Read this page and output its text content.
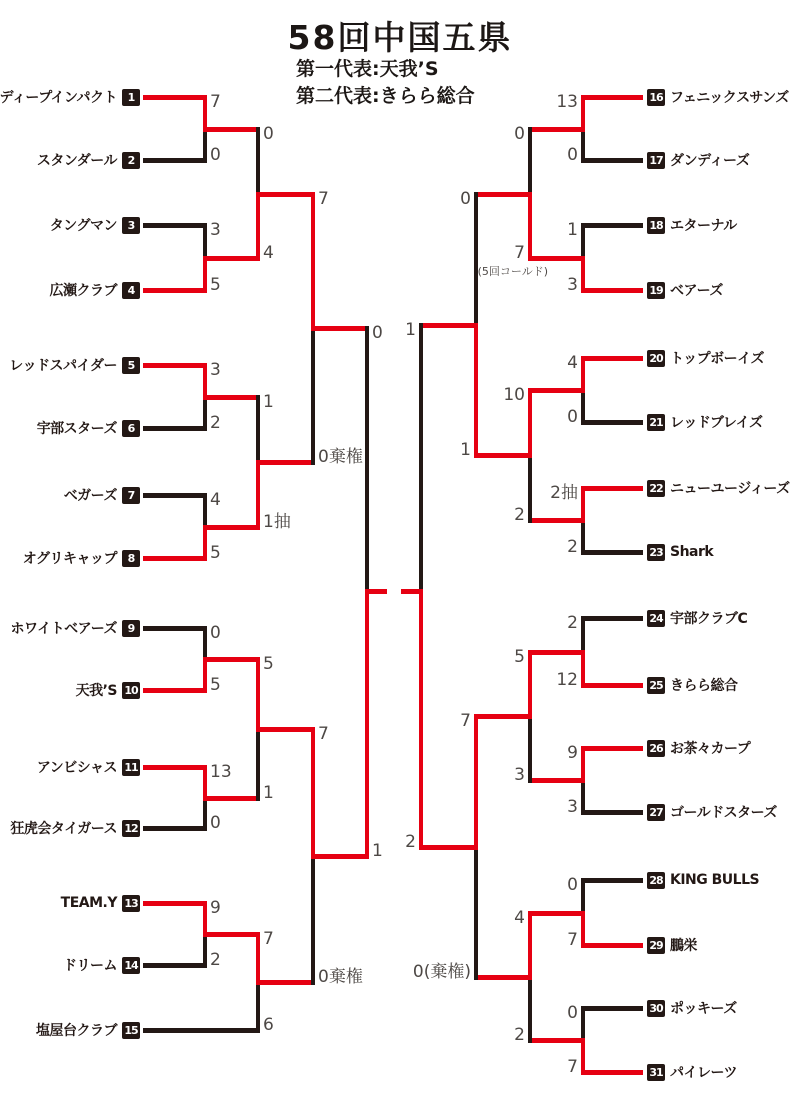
58回中国五県
第一代表:天我’S
第二代表:きらら総合
ディープインパクト 1
スタンダール 2
7
0
タングマン 3
広瀬クラブ 4
3
5
0
4
レッドスパイダー 5
宇部スターズ 6
3
2
ベガーズ 7
オグリキャップ 8
4
5
1
1抽
7
0棄権
ホワイトベアーズ 9
天我’S 10
0
5
アンビシャス 11
狂虎会タイガース 12
13
0
5
1
TEAM.Y 13
ドリーム 14
9
2
塩屋台クラブ 15
7
6
7
0棄権
0
1
16 フェニックスサンズ
17 ダンディーズ
13
0
18 エターナル
19 ベアーズ
1
3
0
7
(5回コールド)
20 トップボーイズ
21 レッドブレイズ
4
0
22 ニューユージィーズ
23 Shark
2抽
2
10
2
0
1
24 宇部クラブC
25 きらら総合
2
12
26 お茶々カープ
27 ゴールドスターズ
9
3
5
3
28 KING BULLS
29 鵬栄
0
7
30 ポッキーズ
31 パイレーツ
0
7
4
2
7
0(棄権)
1
2
